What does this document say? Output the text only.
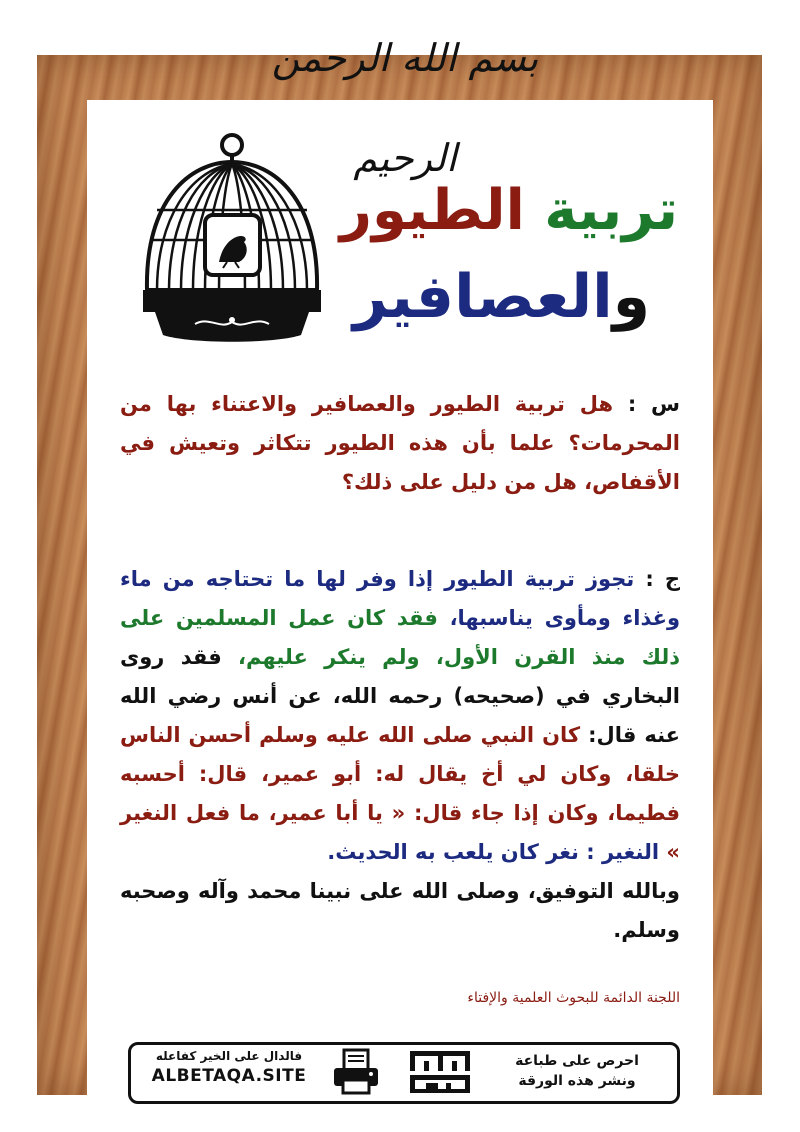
بسم الله الرحمن الرحيم
تربية الطيور
والعصافير
س : هل تربية الطيور والعصافير والاعتناء بها من المحرمات؟ علما بأن هذه الطيور تتكاثر وتعيش في الأقفاص، هل من دليل على ذلك؟
ج : تجوز تربية الطيور إذا وفر لها ما تحتاجه من ماء وغذاء ومأوى يناسبها، فقد كان عمل المسلمين على ذلك منذ القرن الأول، ولم ينكر عليهم، فقد روى البخاري في (صحيحه) رحمه الله، عن أنس رضي الله عنه قال: كان النبي صلى الله عليه وسلم أحسن الناس خلقا، وكان لي أخ يقال له: أبو عمير، قال: أحسبه فطيما، وكان إذا جاء قال: « يا أبا عمير، ما فعل النغير » النغير : نغر كان يلعب به الحديث.
وبالله التوفيق، وصلى الله على نبينا محمد وآله وصحبه وسلم.
اللجنة الدائمة للبحوث العلمية والإفتاء
احرص على طباعة
ونشر هذه الورقة
فالدال على الخير كفاعله
ALBETAQA.SITE
